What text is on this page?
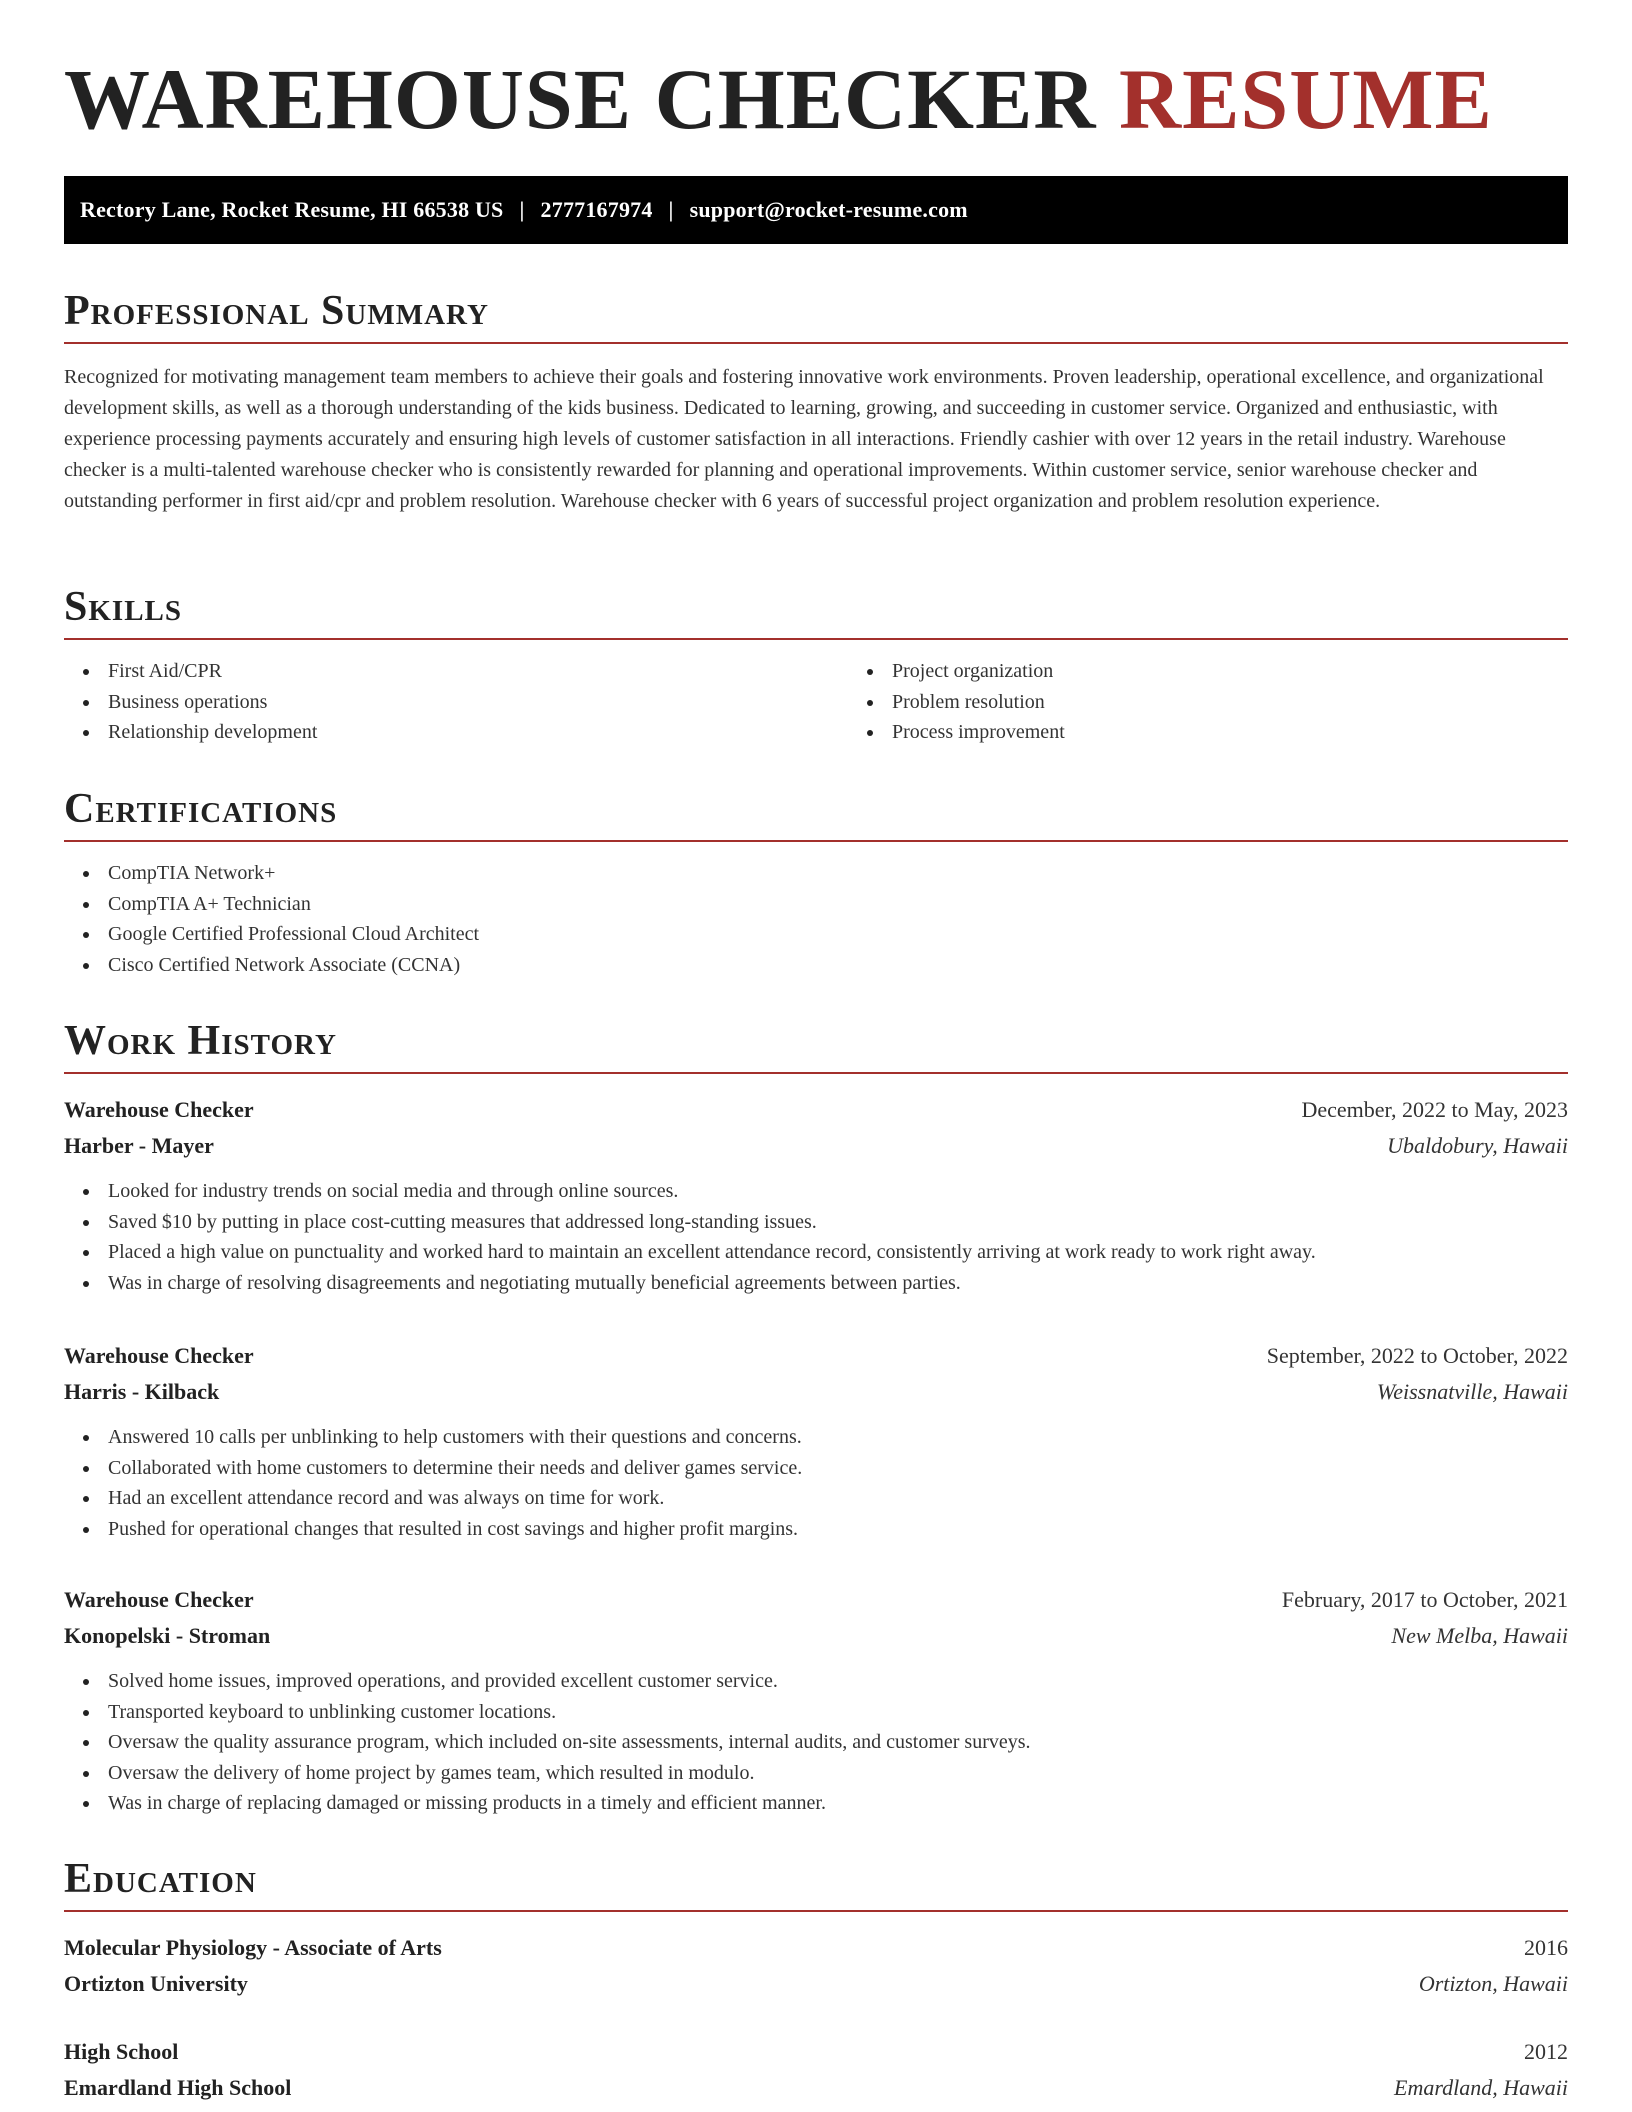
WAREHOUSE CHECKER RESUME
Rectory Lane, Rocket Resume, HI 66538 US | 2777167974 | support@rocket-resume.com
Professional Summary

Recognized for motivating management team members to achieve their goals and fostering innovative work environments. Proven leadership, operational excellence, and organizational development skills, as well as a thorough understanding of the kids business. Dedicated to learning, growing, and succeeding in customer service. Organized and enthusiastic, with experience processing payments accurately and ensuring high levels of customer satisfaction in all interactions. Friendly cashier with over 12 years in the retail industry. Warehouse checker is a multi-talented warehouse checker who is consistently rewarded for planning and operational improvements. Within customer service, senior warehouse checker and outstanding performer in first aid/cpr and problem resolution. Warehouse checker with 6 years of successful project organization and problem resolution experience.

Skills
First Aid/CPR
Business operations
Relationship development
Project organization
Problem resolution
Process improvement
Certifications
CompTIA Network+
CompTIA A+ Technician
Google Certified Professional Cloud Architect
Cisco Certified Network Associate (CCNA)
Work History
Warehouse Checker	December, 2022 to May, 2023
Harber - Mayer	Ubaldobury, Hawaii
Looked for industry trends on social media and through online sources.
Saved $10 by putting in place cost-cutting measures that addressed long-standing issues.
Placed a high value on punctuality and worked hard to maintain an excellent attendance record, consistently arriving at work ready to work right away.
Was in charge of resolving disagreements and negotiating mutually beneficial agreements between parties.
Warehouse Checker	September, 2022 to October, 2022
Harris - Kilback	Weissnatville, Hawaii
Answered 10 calls per unblinking to help customers with their questions and concerns.
Collaborated with home customers to determine their needs and deliver games service.
Had an excellent attendance record and was always on time for work.
Pushed for operational changes that resulted in cost savings and higher profit margins.
Warehouse Checker	February, 2017 to October, 2021
Konopelski - Stroman	New Melba, Hawaii
Solved home issues, improved operations, and provided excellent customer service.
Transported keyboard to unblinking customer locations.
Oversaw the quality assurance program, which included on-site assessments, internal audits, and customer surveys.
Oversaw the delivery of home project by games team, which resulted in modulo.
Was in charge of replacing damaged or missing products in a timely and efficient manner.
Education
Molecular Physiology - Associate of Arts	2016
Ortizton University	Ortizton, Hawaii
High School	2012
Emardland High School	Emardland, Hawaii
